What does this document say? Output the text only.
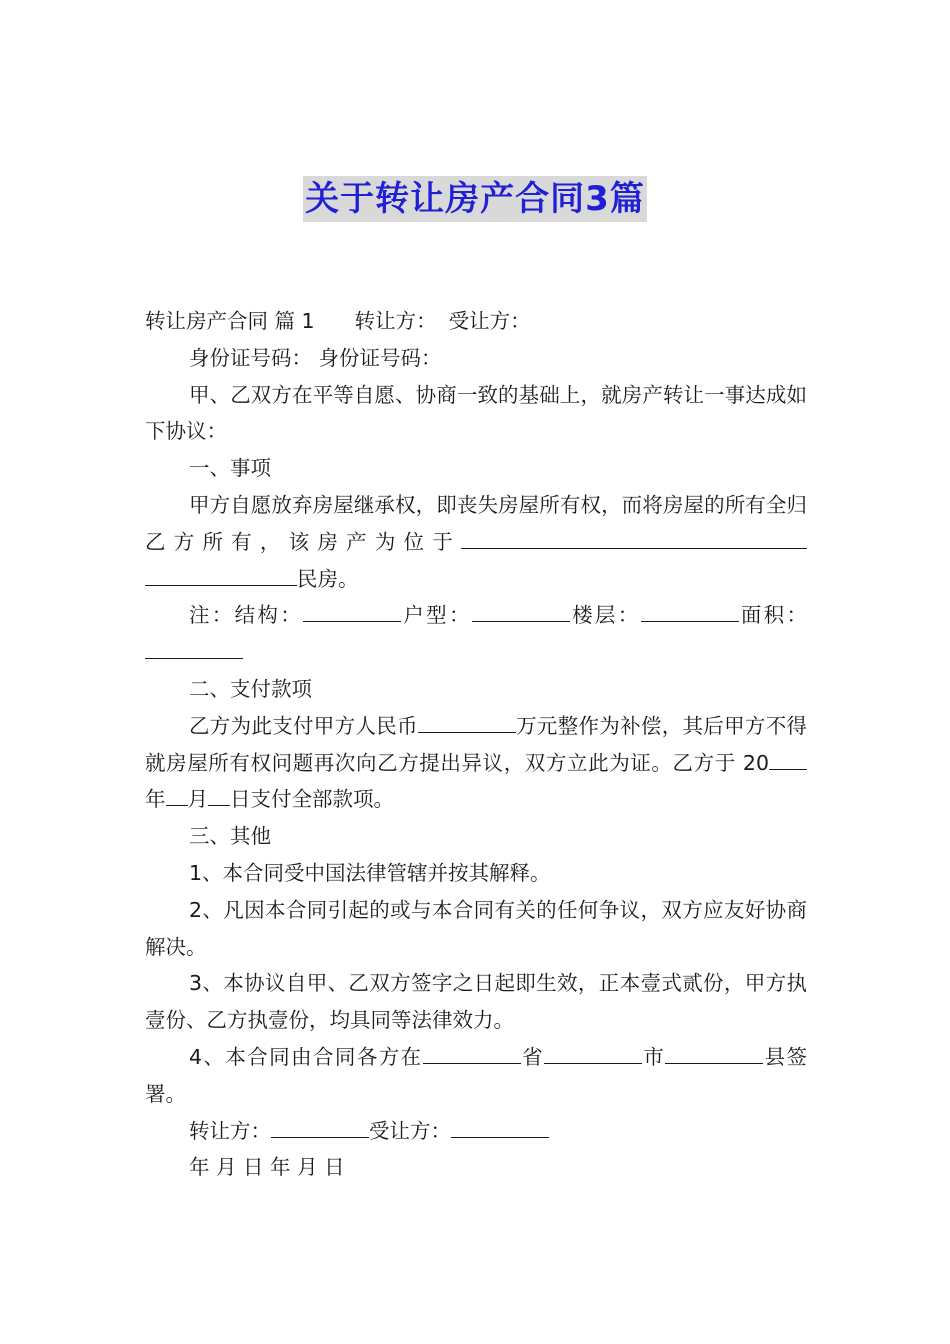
关于转让房产合同3篇

转让房产合同 篇 1 转让方： 受让方：

身份证号码： 身份证号码：

甲、乙双方在平等自愿、协商一致的基础上，就房产转让一事达成如下协议：

一、事项

甲方自愿放弃房屋继承权，即丧失房屋所有权，而将房屋的所有全归乙方所有，该房产为位于民房。

注：结构：	户型：	楼层：	面积：

二、支付款项

乙方为此支付甲方人民币	万元整作为补偿，其后甲方不得就房屋所有权问题再次向乙方提出异议，双方立此为证。乙方于 20年 月 日支付全部款项。

三、其他

1、本合同受中国法律管辖并按其解释。

2、凡因本合同引起的或与本合同有关的任何争议，双方应友好协商解决。

3、本协议自甲、乙双方签字之日起即生效，正本壹式贰份，甲方执壹份、乙方执壹份，均具同等法律效力。

4、本合同由合同各方在	省	市	县签署。

转让方：	受让方：

年 月 日 年 月 日
